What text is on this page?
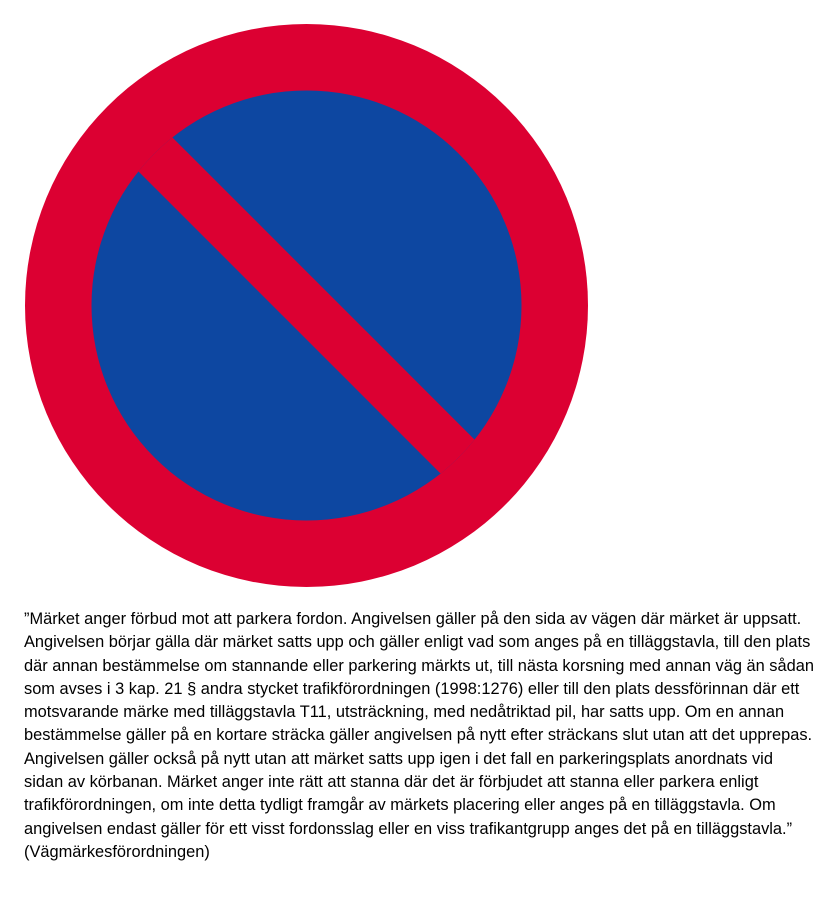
”Märket anger förbud mot att parkera fordon. Angivelsen gäller på den sida av vägen där märket är uppsatt. Angivelsen börjar gälla där märket satts upp och gäller enligt vad som anges på en tilläggstavla, till den plats där annan bestämmelse om stannande eller parkering märkts ut, till nästa korsning med annan väg än sådan som avses i 3 kap. 21 § andra stycket trafikförordningen (1998:1276) eller till den plats dessförinnan där ett motsvarande märke med tilläggstavla T11, utsträckning, med nedåtriktad pil, har satts upp. Om en annan bestämmelse gäller på en kortare sträcka gäller angivelsen på nytt efter sträckans slut utan att det upprepas. Angivelsen gäller också på nytt utan att märket satts upp igen i det fall en parkeringsplats anordnats vid sidan av körbanan. Märket anger inte rätt att stanna där det är förbjudet att stanna eller parkera enligt trafikförordningen, om inte detta tydligt framgår av märkets placering eller anges på en tilläggstavla. Om angivelsen endast gäller för ett visst fordonsslag eller en viss trafikantgrupp anges det på en tilläggstavla.”
(Vägmärkesförordningen)
